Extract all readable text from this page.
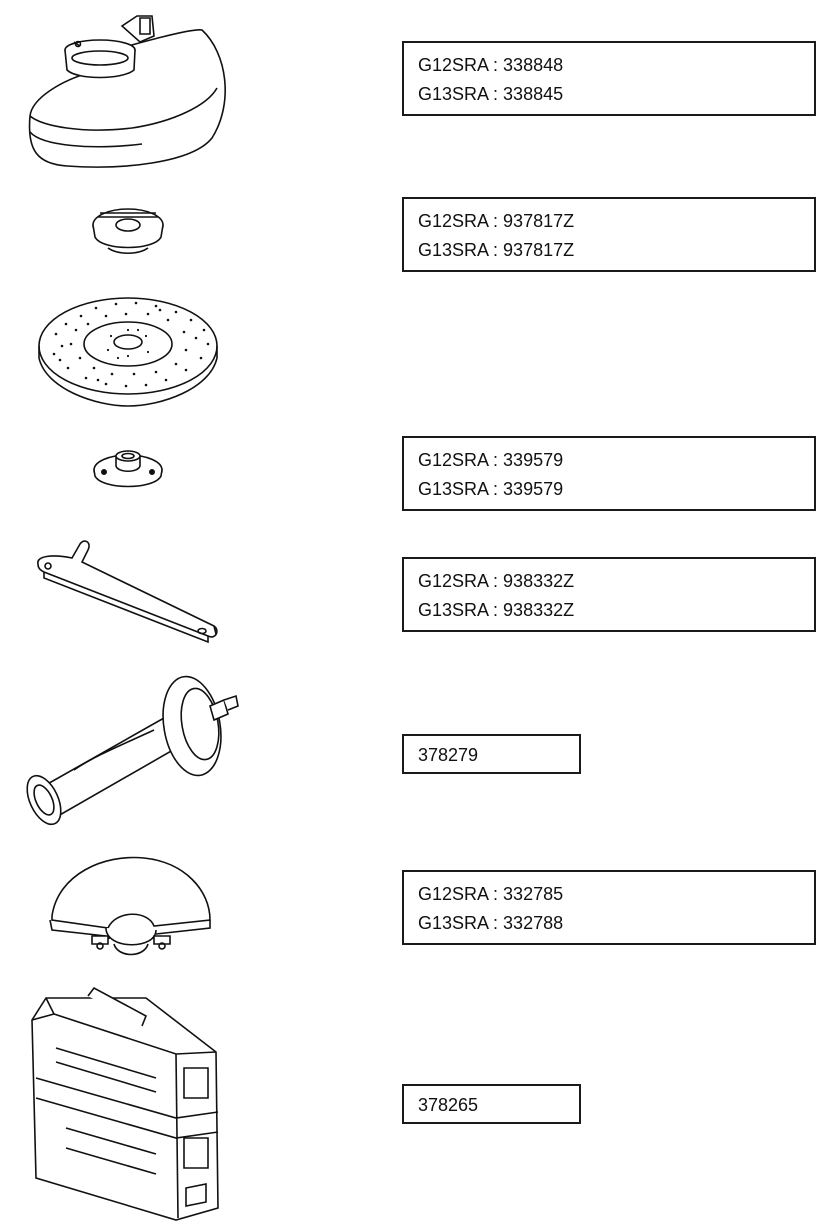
G12SRA : 338848
G13SRA : 338845
G12SRA : 937817Z
G13SRA : 937817Z
G12SRA : 339579
G13SRA : 339579
G12SRA : 938332Z
G13SRA : 938332Z
378279
G12SRA : 332785
G13SRA : 332788
378265
